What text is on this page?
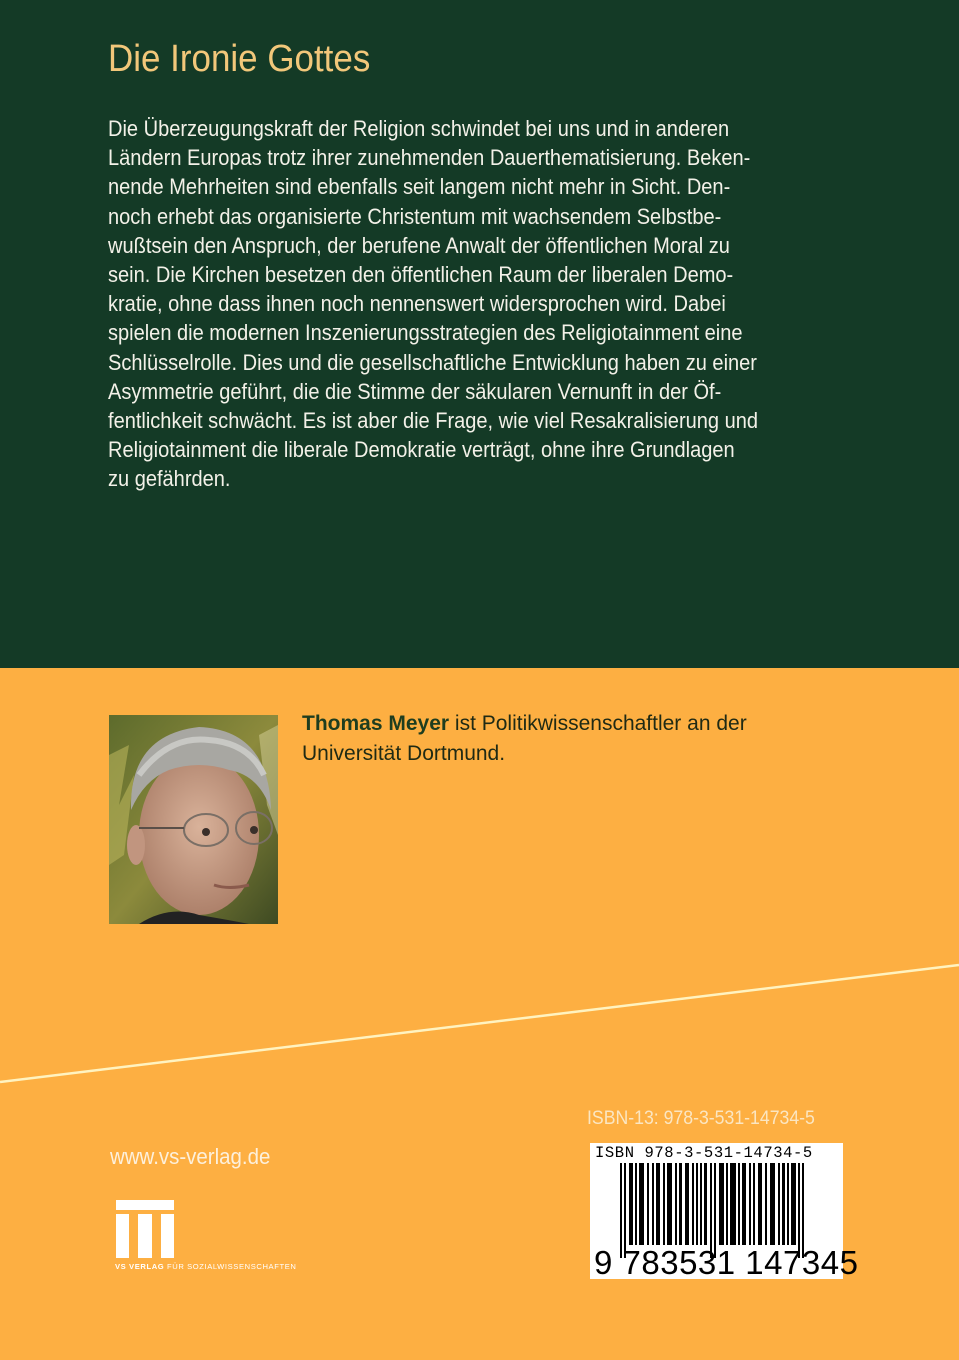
Die Ironie Gottes
Die Überzeugungskraft der Religion schwindet bei uns und in anderen
Ländern Europas trotz ihrer zunehmenden Dauerthematisierung. Beken-
nende Mehrheiten sind ebenfalls seit langem nicht mehr in Sicht. Den-
noch erhebt das organisierte Christentum mit wachsendem Selbstbe-
wußtsein den Anspruch, der berufene Anwalt der öffentlichen Moral zu
sein. Die Kirchen besetzen den öffentlichen Raum der liberalen Demo-
kratie, ohne dass ihnen noch nennenswert widersprochen wird. Dabei
spielen die modernen Inszenierungsstrategien des Religiotainment eine
Schlüsselrolle. Dies und die gesellschaftliche Entwicklung haben zu einer
Asymmetrie geführt, die die Stimme der säkularen Vernunft in der Öf-
fentlichkeit schwächt. Es ist aber die Frage, wie viel Resakralisierung und
Religiotainment die liberale Demokratie verträgt, ohne ihre Grundlagen
zu gefährden.
Thomas Meyer ist Politikwissenschaftler an der
Universität Dortmund.
ISBN-13: 978-3-531-14734-5
ISBN 978-3-531-14734-5
9 783531 147345
www.vs-verlag.de
VS VERLAG FÜR SOZIALWISSENSCHAFTEN
